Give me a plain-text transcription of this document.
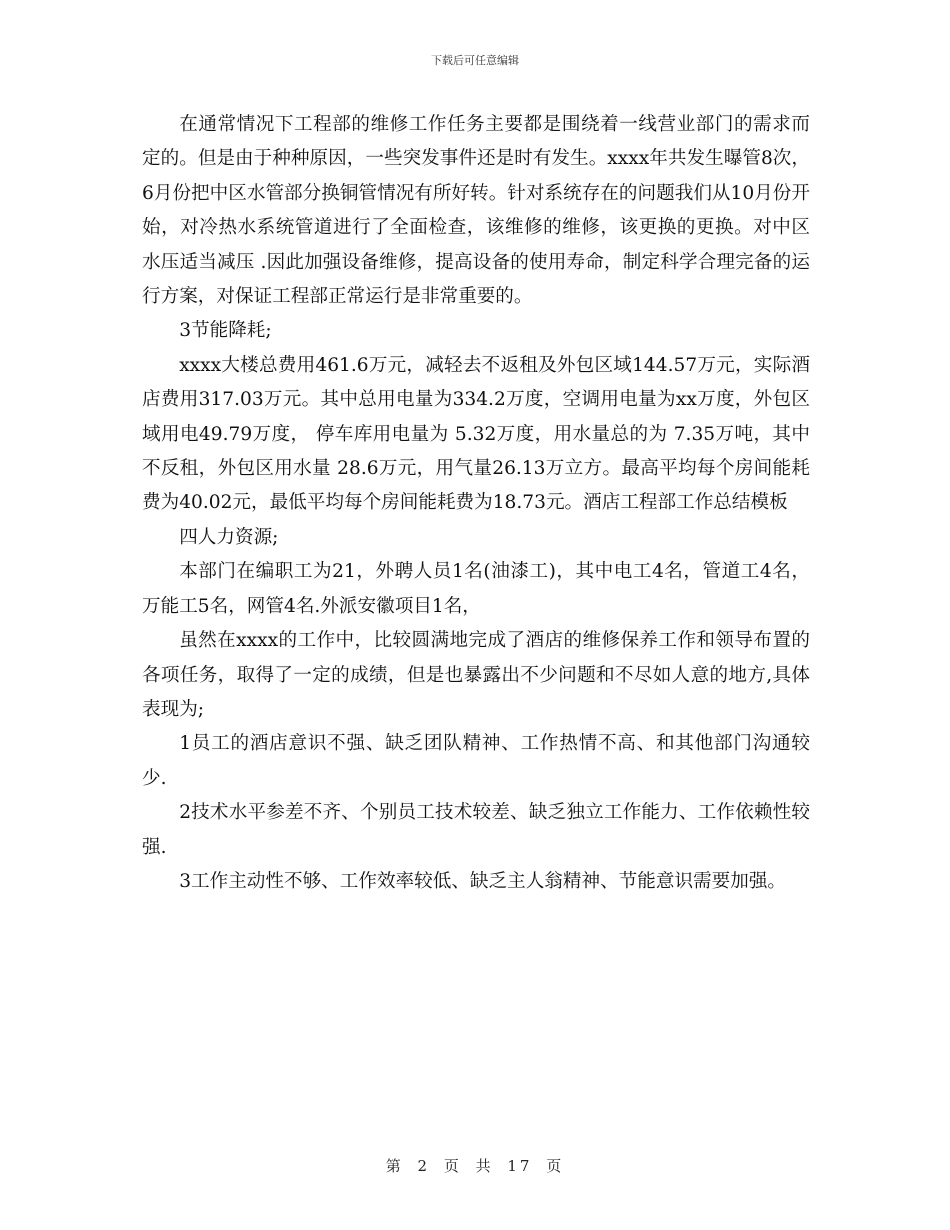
下载后可任意编辑

在通常情况下工程部的维修工作任务主要都是围绕着一线营业部门的需求而定的。但是由于种种原因，一些突发事件还是时有发生。xxxx年共发生曝管8次，6月份把中区水管部分换铜管情况有所好转。针对系统存在的问题我们从10月份开始，对冷热水系统管道进行了全面检查，该维修的维修，该更换的更换。对中区水压适当减压 .因此加强设备维修，提高设备的使用寿命，制定科学合理完备的运行方案，对保证工程部正常运行是非常重要的。

3节能降耗;

xxxx大楼总费用461.6万元，减轻去不返租及外包区域144.57万元，实际酒店费用317.03万元。其中总用电量为334.2万度，空调用电量为xx万度，外包区域用电49.79万度， 停车库用电量为 5.32万度，用水量总的为 7.35万吨，其中不反租，外包区用水量 28.6万元，用气量26.13万立方。最高平均每个房间能耗费为40.02元，最低平均每个房间能耗费为18.73元。酒店工程部工作总结模板

四人力资源;

本部门在编职工为21，外聘人员1名(油漆工)，其中电工4名，管道工4名，万能工5名，网管4名.外派安徽项目1名，

虽然在xxxx的工作中，比较圆满地完成了酒店的维修保养工作和领导布置的各项任务，取得了一定的成绩，但是也暴露出不少问题和不尽如人意的地方,具体表现为;

1员工的酒店意识不强、缺乏团队精神、工作热情不高、和其他部门沟通较少.

2技术水平参差不齐、个别员工技术较差、缺乏独立工作能力、工作依赖性较强.

3工作主动性不够、工作效率较低、缺乏主人翁精神、节能意识需要加强。

第 2 页 共 17 页
